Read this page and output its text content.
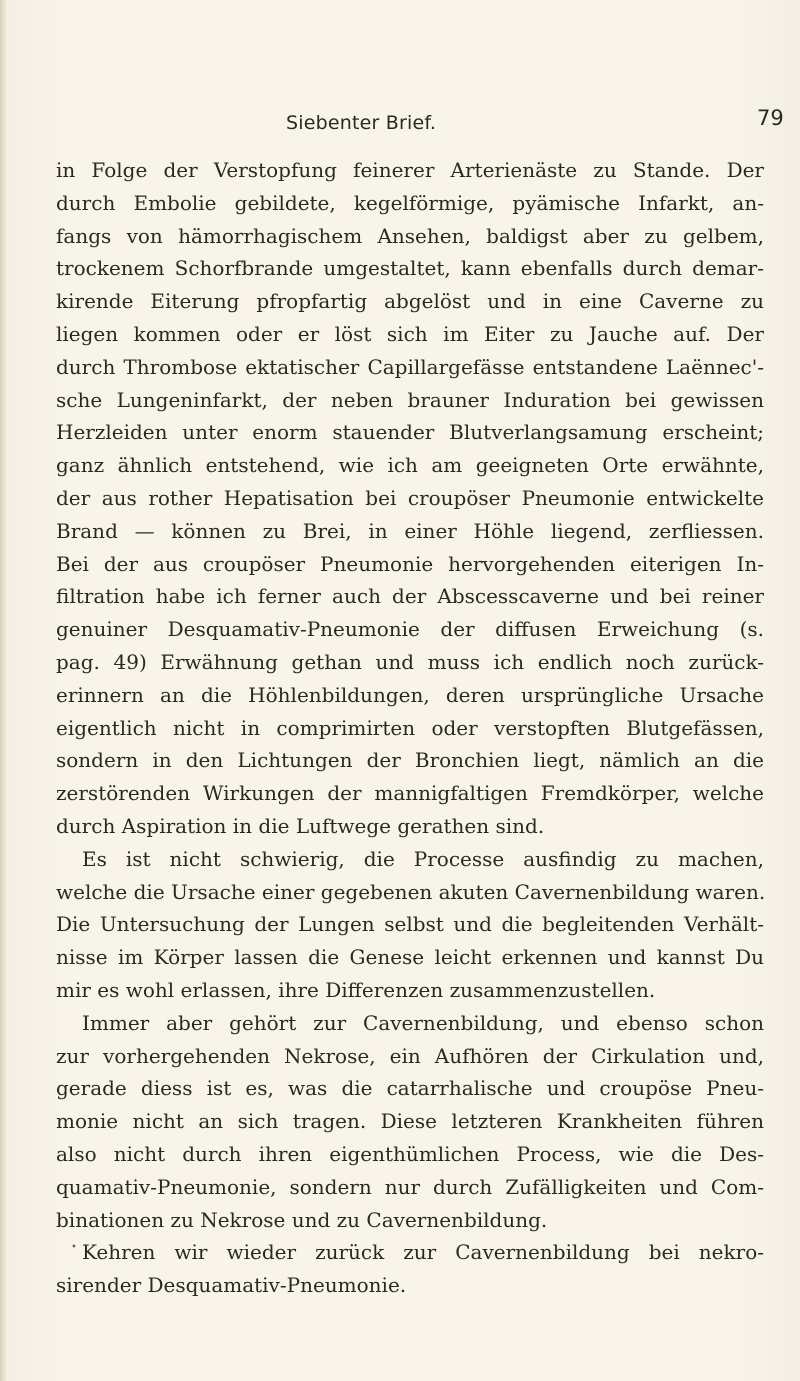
Siebenter Brief.	79
in Folge der Verstopfung feinerer Arterienäste zu Stande. Der
durch Embolie gebildete, kegelförmige, pyämische Infarkt, an-
fangs von hämorrhagischem Ansehen, baldigst aber zu gelbem,
trockenem Schorfbrande umgestaltet, kann ebenfalls durch demar-
kirende Eiterung pfropfartig abgelöst und in eine Caverne zu
liegen kommen oder er löst sich im Eiter zu Jauche auf. Der
durch Thrombose ektatischer Capillargefässe entstandene Laënnec'-
sche Lungeninfarkt, der neben brauner Induration bei gewissen
Herzleiden unter enorm stauender Blutverlangsamung erscheint;
ganz ähnlich entstehend, wie ich am geeigneten Orte erwähnte,
der aus rother Hepatisation bei croupöser Pneumonie entwickelte
Brand — können zu Brei, in einer Höhle liegend, zerfliessen.
Bei der aus croupöser Pneumonie hervorgehenden eiterigen In-
filtration habe ich ferner auch der Abscesscaverne und bei reiner
genuiner Desquamativ-Pneumonie der diffusen Erweichung (s.
pag. 49) Erwähnung gethan und muss ich endlich noch zurück-
erinnern an die Höhlenbildungen, deren ursprüngliche Ursache
eigentlich nicht in comprimirten oder verstopften Blutgefässen,
sondern in den Lichtungen der Bronchien liegt, nämlich an die
zerstörenden Wirkungen der mannigfaltigen Fremdkörper, welche
durch Aspiration in die Luftwege gerathen sind.
Es ist nicht schwierig, die Processe ausfindig zu machen,
welche die Ursache einer gegebenen akuten Cavernenbildung waren.
Die Untersuchung der Lungen selbst und die begleitenden Verhält-
nisse im Körper lassen die Genese leicht erkennen und kannst Du
mir es wohl erlassen, ihre Differenzen zusammenzustellen.
Immer aber gehört zur Cavernenbildung, und ebenso schon
zur vorhergehenden Nekrose, ein Aufhören der Cirkulation und,
gerade diess ist es, was die catarrhalische und croupöse Pneu-
monie nicht an sich tragen. Diese letzteren Krankheiten führen
also nicht durch ihren eigenthümlichen Process, wie die Des-
quamativ-Pneumonie, sondern nur durch Zufälligkeiten und Com-
binationen zu Nekrose und zu Cavernenbildung.
Kehren wir wieder zurück zur Cavernenbildung bei nekro-
sirender Desquamativ-Pneumonie.
•
